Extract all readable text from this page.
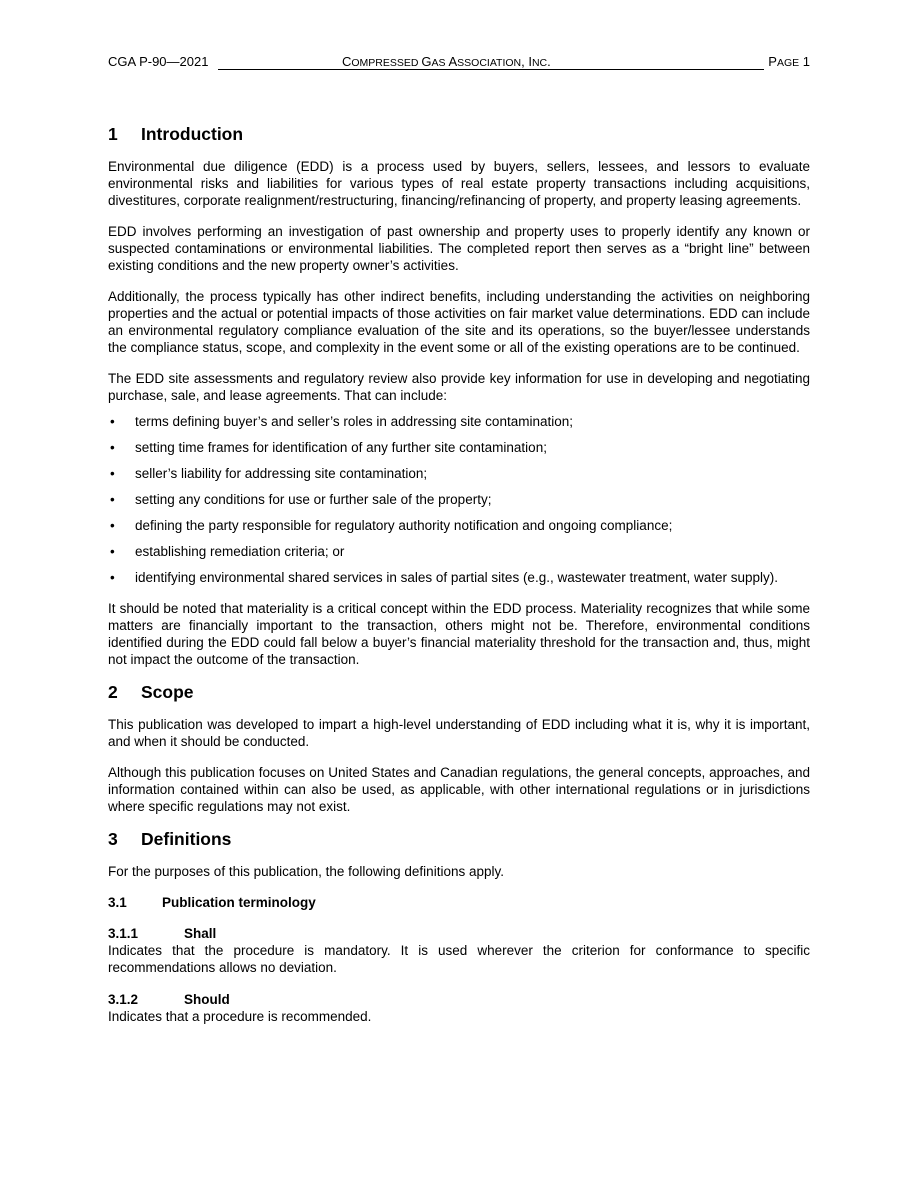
CGA P-90—2021	COMPRESSED GAS ASSOCIATION, INC.	PAGE 1
1	Introduction

Environmental due diligence (EDD) is a process used by buyers, sellers, lessees, and lessors to evaluate environmental risks and liabilities for various types of real estate property transactions including acquisitions, divestitures, corporate realignment/restructuring, financing/refinancing of property, and property leasing agreements.

EDD involves performing an investigation of past ownership and property uses to properly identify any known or suspected contaminations or environmental liabilities. The completed report then serves as a “bright line” between existing conditions and the new property owner’s activities.

Additionally, the process typically has other indirect benefits, including understanding the activities on neighboring properties and the actual or potential impacts of those activities on fair market value determinations. EDD can include an environmental regulatory compliance evaluation of the site and its operations, so the buyer/lessee understands the compliance status, scope, and complexity in the event some or all of the existing operations are to be continued.

The EDD site assessments and regulatory review also provide key information for use in developing and negotiating purchase, sale, and lease agreements. That can include:

• terms defining buyer’s and seller’s roles in addressing site contamination;
• setting time frames for identification of any further site contamination;
• seller’s liability for addressing site contamination;
• setting any conditions for use or further sale of the property;
• defining the party responsible for regulatory authority notification and ongoing compliance;
• establishing remediation criteria; or
• identifying environmental shared services in sales of partial sites (e.g., wastewater treatment, water supply).

It should be noted that materiality is a critical concept within the EDD process. Materiality recognizes that while some matters are financially important to the transaction, others might not be. Therefore, environmental conditions identified during the EDD could fall below a buyer’s financial materiality threshold for the transaction and, thus, might not impact the outcome of the transaction.

2	Scope

This publication was developed to impart a high-level understanding of EDD including what it is, why it is important, and when it should be conducted.

Although this publication focuses on United States and Canadian regulations, the general concepts, approaches, and information contained within can also be used, as applicable, with other international regulations or in jurisdictions where specific regulations may not exist.

3	Definitions

For the purposes of this publication, the following definitions apply.

3.1	Publication terminology
3.1.1	Shall

Indicates that the procedure is mandatory. It is used wherever the criterion for conformance to specific recommendations allows no deviation.

3.1.2	Should

Indicates that a procedure is recommended.
